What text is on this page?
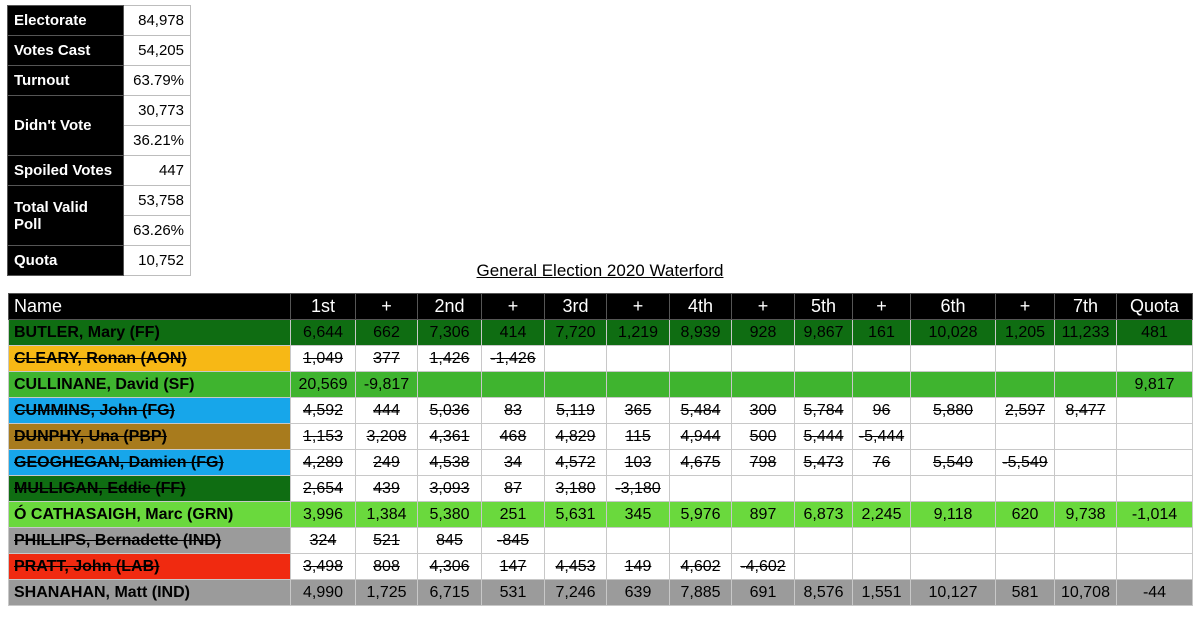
Electorate	84,978
Votes Cast	54,205
Turnout	63.79%
Didn't Vote	30,773
	36.21%
Spoiled Votes	447
Total Valid Poll	53,758
	63.26%
Quota	10,752
General Election 2020 Waterford
Name	1st	+	2nd	+	3rd	+	4th	+	5th	+	6th	+	7th	Quota
BUTLER, Mary (FF)	6,644	662	7,306	414	7,720	1,219	8,939	928	9,867	161	10,028	1,205	11,233	481
CLEARY, Ronan (AON)	1,049	377	1,426	-1,426										
CULLINANE, David (SF)	20,569	-9,817												9,817
CUMMINS, John (FG)	4,592	444	5,036	83	5,119	365	5,484	300	5,784	96	5,880	2,597	8,477	
DUNPHY, Una (PBP)	1,153	3,208	4,361	468	4,829	115	4,944	500	5,444	-5,444				
GEOGHEGAN, Damien (FG)	4,289	249	4,538	34	4,572	103	4,675	798	5,473	76	5,549	-5,549		
MULLIGAN, Eddie (FF)	2,654	439	3,093	87	3,180	-3,180								
Ó CATHASAIGH, Marc (GRN)	3,996	1,384	5,380	251	5,631	345	5,976	897	6,873	2,245	9,118	620	9,738	-1,014
PHILLIPS, Bernadette (IND)	324	521	845	-845										
PRATT, John (LAB)	3,498	808	4,306	147	4,453	149	4,602	-4,602						
SHANAHAN, Matt (IND)	4,990	1,725	6,715	531	7,246	639	7,885	691	8,576	1,551	10,127	581	10,708	-44
